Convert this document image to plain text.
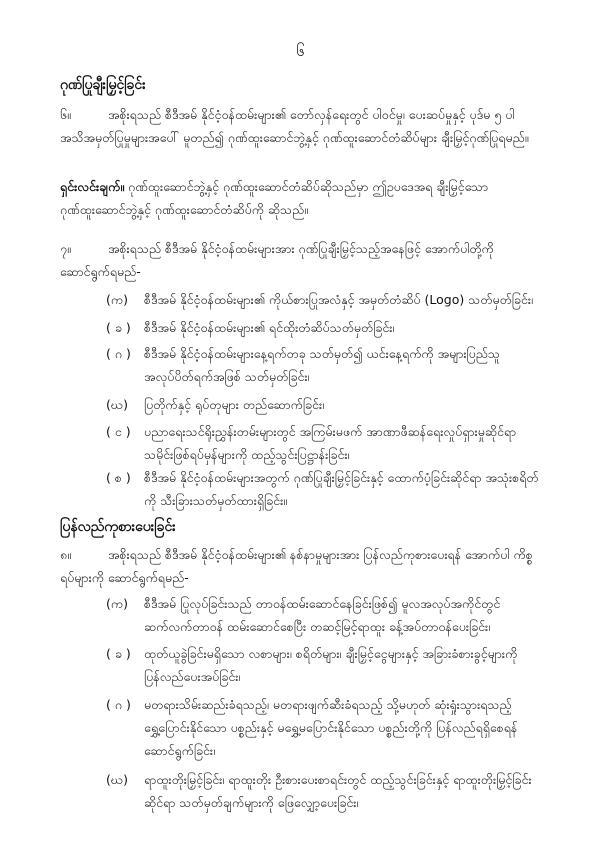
၆
ဂုဏ်ပြုချီးမြှင့်ခြင်း
၆။	အစိုးရသည် စီဒီအမ် နိုင်ငံ့ဝန်ထမ်းများ၏ တော်လှန်ရေးတွင် ပါဝင်မှု၊ ပေးဆပ်မှုနှင့် ပုဒ်မ ၅ ပါ အသိအမှတ်ပြုမှုများအပေါ် မူတည်၍ ဂုဏ်ထူးဆောင်ဘွဲ့နှင့် ဂုဏ်ထူးဆောင်တံဆိပ်များ ချီးမြှင့်ဂုဏ်ပြုရမည်။
ရှင်းလင်းချက်။ ဂုဏ်ထူးဆောင်ဘွဲ့နှင့် ဂုဏ်ထူးဆောင်တံဆိပ်ဆိုသည်မှာ ဤဥပဒေအရ ချီးမြှင့်သော ဂုဏ်ထူးဆောင်ဘွဲ့နှင့် ဂုဏ်ထူးဆောင်တံဆိပ်ကို ဆိုသည်။
၇။	အစိုးရသည် စီဒီအမ် နိုင်ငံ့ဝန်ထမ်းများအား ဂုဏ်ပြုချီးမြှင့်သည့်အနေဖြင့် အောက်ပါတို့ကို ဆောင်ရွက်ရမည်-
(က)	စီဒီအမ် နိုင်ငံ့ဝန်ထမ်းများ၏ ကိုယ်စားပြုအလံနှင့် အမှတ်တံဆိပ် (Logo) သတ်မှတ်ခြင်း၊
( ခ )	စီဒီအမ် နိုင်ငံ့ဝန်ထမ်းများ၏ ရင်ထိုးတံဆိပ်သတ်မှတ်ခြင်း၊
( ဂ )	စီဒီအမ် နိုင်ငံ့ဝန်ထမ်းများနေ့ရက်တခု သတ်မှတ်၍ ယင်းနေ့ရက်ကို အများပြည်သူ အလုပ်ပိတ်ရက်အဖြစ် သတ်မှတ်ခြင်း၊
(ဃ)	ပြတိုက်နှင့် ရုပ်တုများ တည်ဆောက်ခြင်း၊
( င )	ပညာရေးသင်ရိုးညွှန်းတမ်းများတွင် အကြမ်းမဖက် အာဏာဖီဆန်ရေးလှုပ်ရှားမှုဆိုင်ရာ သမိုင်းဖြစ်ရပ်မှန်များကို ထည့်သွင်းပြဋ္ဌာန်းခြင်း၊
( စ )	စီဒီအမ် နိုင်ငံ့ဝန်ထမ်းများအတွက် ဂုဏ်ပြုချီးမြှင့်ခြင်းနှင့် ထောက်ပံ့ခြင်းဆိုင်ရာ အသုံးစရိတ်ကို သီးခြားသတ်မှတ်ထားရှိခြင်း။
ပြန်လည်ကုစားပေးခြင်း
၈။	အစိုးရသည် စီဒီအမ် နိုင်ငံ့ဝန်ထမ်းများ၏ နစ်နာမှုများအား ပြန်လည်ကုစားပေးရန် အောက်ပါ ကိစ္စရပ်များကို ဆောင်ရွက်ရမည်-
(က)	စီဒီအမ် ပြုလုပ်ခြင်းသည် တာဝန်ထမ်းဆောင်နေခြင်းဖြစ်၍ မူလအလုပ်အကိုင်တွင် ဆက်လက်တာဝန် ထမ်းဆောင်စေပြီး တဆင့်မြင့်ရာထူး ခန့်အပ်တာဝန်ပေးခြင်း၊
( ခ )	ထုတ်ယူခွဲခြင်းမရှိသော လစာများ၊ စရိတ်များ၊ ချီးမြှင့်ငွေများနှင့် အခြားခံစားခွင့်များကို ပြန်လည်ပေးအပ်ခြင်း၊
( ဂ )	မတရားသိမ်းဆည်းခံရသည့်၊ မတရားဖျက်ဆီးခံရသည့် သို့မဟုတ် ဆုံးရှုံးသွားရသည့် ရွှေ့ပြောင်းနိုင်သော ပစ္စည်းနှင့် မရွှေ့မပြောင်းနိုင်သော ပစ္စည်းတို့ကို ပြန်လည်ရရှိစေရန် ဆောင်ရွက်ခြင်း၊
(ဃ)	ရာထူးတိုးမြှင့်ခြင်း၊ ရာထူးတိုး ဦးစားပေးစာရင်းတွင် ထည့်သွင်းခြင်းနှင့် ရာထူးတိုးမြှင့်ခြင်းဆိုင်ရာ သတ်မှတ်ချက်များကို ဖြေလျှော့ပေးခြင်း၊
